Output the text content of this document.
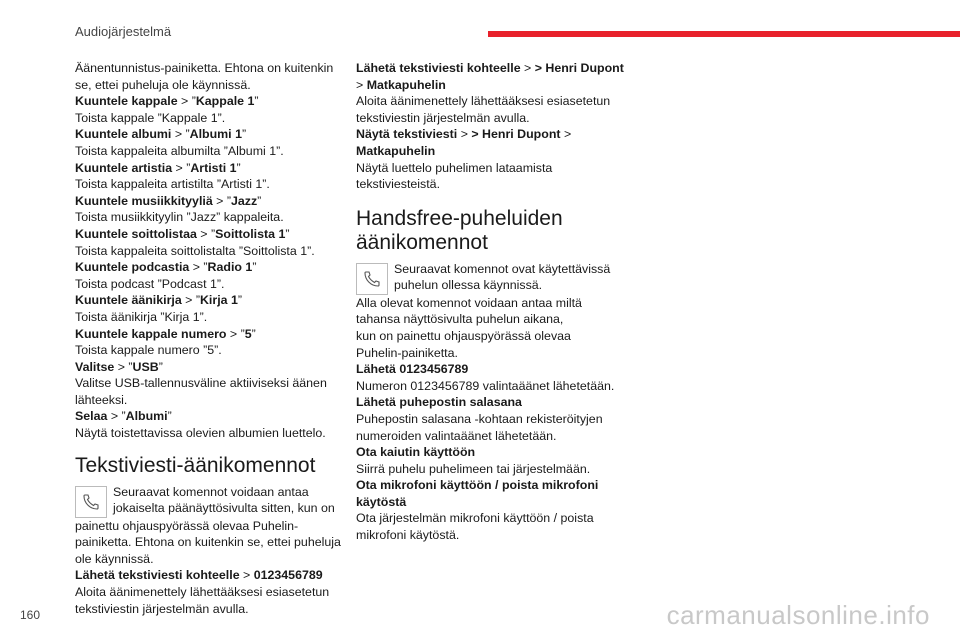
Audiojärjestelmä
Äänentunnistus-painiketta. Ehtona on kuitenkin
se, ettei puheluja ole käynnissä.
Kuuntele kappale > ”Kappale 1”
Toista kappale ”Kappale 1”.
Kuuntele albumi > ”Albumi 1”
Toista kappaleita albumilta ”Albumi 1”.
Kuuntele artistia > ”Artisti 1”
Toista kappaleita artistilta ”Artisti 1”.
Kuuntele musiikkityyliä > ”Jazz”
Toista musiikkityylin ”Jazz” kappaleita.
Kuuntele soittolistaa > ”Soittolista 1”
Toista kappaleita soittolistalta ”Soittolista 1”.
Kuuntele podcastia > ”Radio 1”
Toista podcast ”Podcast 1”.
Kuuntele äänikirja > ”Kirja 1”
Toista äänikirja ”Kirja 1”.
Kuuntele kappale numero > ”5”
Toista kappale numero ”5”.
Valitse > ”USB”
Valitse USB-tallennusväline aktiiviseksi äänen
lähteeksi.
Selaa > ”Albumi”
Näytä toistettavissa olevien albumien luettelo.
Tekstiviesti-äänikomennot
Seuraavat komennot voidaan antaa
jokaiselta päänäyttösivulta sitten, kun on
painettu ohjauspyörässä olevaa Puhelin-
painiketta. Ehtona on kuitenkin se, ettei puheluja
ole käynnissä.
Lähetä tekstiviesti kohteelle > 0123456789
Aloita äänimenettely lähettääksesi esiasetetun
tekstiviestin järjestelmän avulla.
Lähetä tekstiviesti kohteelle > > Henri Dupont
> Matkapuhelin
Aloita äänimenettely lähettääksesi esiasetetun
tekstiviestin järjestelmän avulla.
Näytä tekstiviesti > > Henri Dupont >
Matkapuhelin
Näytä luettelo puhelimen lataamista
tekstiviesteistä.
Handsfree-puheluiden
äänikomennot
Seuraavat komennot ovat käytettävissä
puhelun ollessa käynnissä.
Alla olevat komennot voidaan antaa miltä
tahansa näyttösivulta puhelun aikana,
kun on painettu ohjauspyörässä olevaa
Puhelin-painiketta.
Lähetä 0123456789
Numeron 0123456789 valintaäänet lähetetään.
Lähetä puhepostin salasana
Puhepostin salasana -kohtaan rekisteröityjen
numeroiden valintaäänet lähetetään.
Ota kaiutin käyttöön
Siirrä puhelu puhelimeen tai järjestelmään.
Ota mikrofoni käyttöön / poista mikrofoni
käytöstä
Ota järjestelmän mikrofoni käyttöön / poista
mikrofoni käytöstä.
160	carmanualsonline.info
